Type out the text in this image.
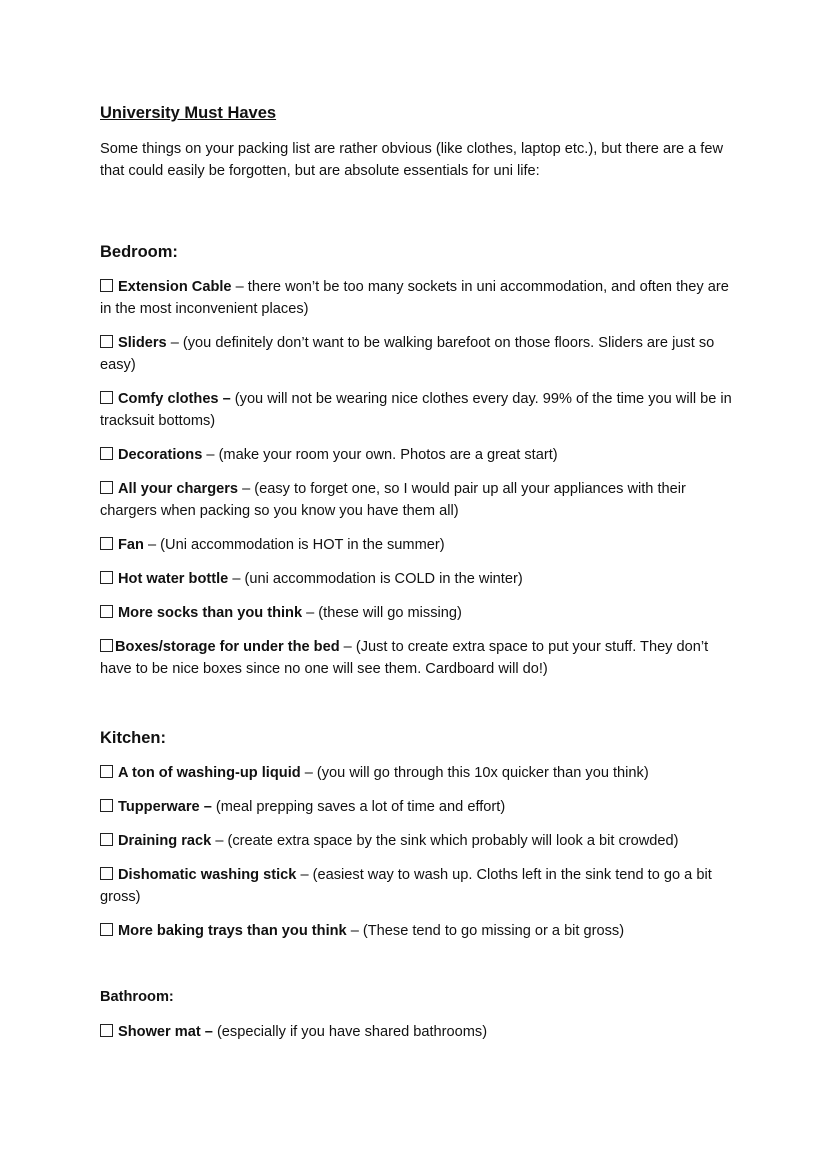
University Must Haves

Some things on your packing list are rather obvious (like clothes, laptop etc.), but there are a few that could easily be forgotten, but are absolute essentials for uni life:

Bedroom:
Extension Cable – there won’t be too many sockets in uni accommodation, and often they are in the most inconvenient places)
Sliders – (you definitely don’t want to be walking barefoot on those floors. Sliders are just so easy)
Comfy clothes – (you will not be wearing nice clothes every day. 99% of the time you will be in tracksuit bottoms)
Decorations – (make your room your own. Photos are a great start)
All your chargers – (easy to forget one, so I would pair up all your appliances with their chargers when packing so you know you have them all)
Fan – (Uni accommodation is HOT in the summer)
Hot water bottle – (uni accommodation is COLD in the winter)
More socks than you think – (these will go missing)
Boxes/storage for under the bed – (Just to create extra space to put your stuff. They don’t have to be nice boxes since no one will see them. Cardboard will do!)
Kitchen:
A ton of washing-up liquid – (you will go through this 10x quicker than you think)
Tupperware – (meal prepping saves a lot of time and effort)
Draining rack – (create extra space by the sink which probably will look a bit crowded)
Dishomatic washing stick – (easiest way to wash up. Cloths left in the sink tend to go a bit gross)
More baking trays than you think – (These tend to go missing or a bit gross)
Bathroom:
Shower mat – (especially if you have shared bathrooms)
